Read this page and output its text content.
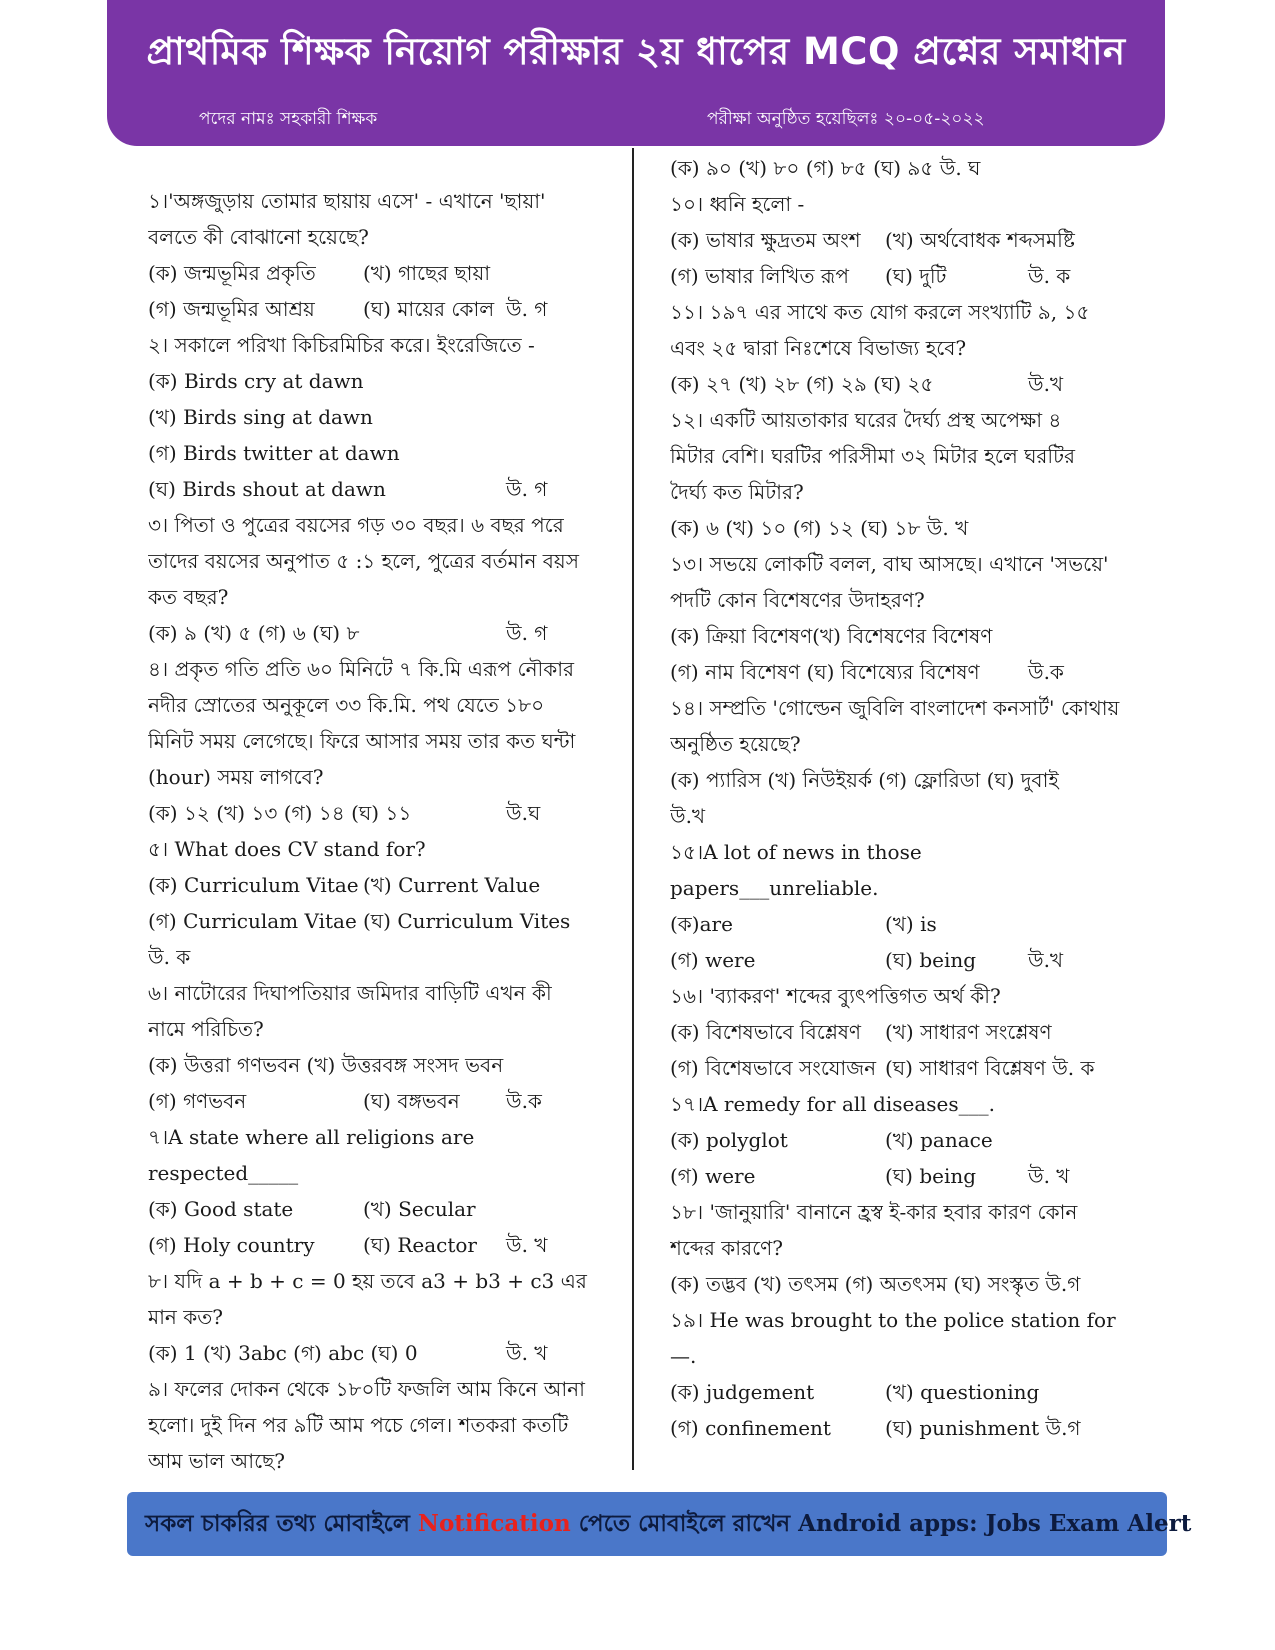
প্রাথমিক শিক্ষক নিয়োগ পরীক্ষার ২য় ধাপের MCQ প্রশ্নের সমাধান
পদের নামঃ সহকারী শিক্ষক	পরীক্ষা অনুষ্ঠিত হয়েছিলঃ ২০-০৫-২০২২
১।'অঙ্গজুড়ায় তোমার ছায়ায় এসে' - এখানে 'ছায়া'
বলতে কী বোঝানো হয়েছে?
(ক) জন্মভূমির প্রকৃতি (খ) গাছের ছায়া
(গ) জন্মভূমির আশ্রয় (ঘ) মায়ের কোল উ. গ
২। সকালে পরিখা কিচিরমিচির করে। ইংরেজিতে -
(ক) Birds cry at dawn
(খ) Birds sing at dawn
(গ) Birds twitter at dawn
(ঘ) Birds shout at dawn	উ. গ
৩। পিতা ও পুত্রের বয়সের গড় ৩০ বছর। ৬ বছর পরে
তাদের বয়সের অনুপাত ৫ :১ হলে, পুত্রের বর্তমান বয়স
কত বছর?
(ক) ৯ (খ) ৫ (গ) ৬ (ঘ) ৮	উ. গ
৪। প্রকৃত গতি প্রতি ৬০ মিনিটে ৭ কি.মি এরূপ নৌকার
নদীর স্রোতের অনুকূলে ৩৩ কি.মি. পথ যেতে ১৮০
মিনিট সময় লেগেছে। ফিরে আসার সময় তার কত ঘন্টা
(hour) সময় লাগবে?
(ক) ১২ (খ) ১৩ (গ) ১৪ (ঘ) ১১	উ.ঘ
৫। What does CV stand for?
(ক) Curriculum Vitae (খ) Current Value
(গ) Curriculam Vitae (ঘ) Curriculum Vites
উ. ক
৬। নাটোরের দিঘাপতিয়ার জমিদার বাড়িটি এখন কী
নামে পরিচিত?
(ক) উত্তরা গণভবন (খ) উত্তরবঙ্গ সংসদ ভবন
(গ) গণভবন	(ঘ) বঙ্গভবন উ.ক
৭।A state where all religions are
respected_____
(ক) Good state	(খ) Secular
(গ) Holy country (ঘ) Reactor উ. খ
৮। যদি a + b + c = 0 হয় তবে a3 + b3 + c3 এর
মান কত?
(ক) 1 (খ) 3abc (গ) abc (ঘ) 0	উ. খ
৯। ফলের দোকন থেকে ১৮০টি ফজলি আম কিনে আনা
হলো। দুই দিন পর ৯টি আম পচে গেল। শতকরা কতটি
আম ভাল আছে?
(ক) ৯০ (খ) ৮০ (গ) ৮৫ (ঘ) ৯৫ উ. ঘ
১০। ধ্বনি হলো -
(ক) ভাষার ক্ষুদ্রতম অংশ (খ) অর্থবোধক শব্দসমষ্টি
(গ) ভাষার লিখিত রূপ (ঘ) দুটি	উ. ক
১১। ১৯৭ এর সাথে কত যোগ করলে সংখ্যাটি ৯, ১৫
এবং ২৫ দ্বারা নিঃশেষে বিভাজ্য হবে?
(ক) ২৭ (খ) ২৮ (গ) ২৯ (ঘ) ২৫	উ.খ
১২। একটি আয়তাকার ঘরের দৈর্ঘ্য প্রস্থ অপেক্ষা ৪
মিটার বেশি। ঘরটির পরিসীমা ৩২ মিটার হলে ঘরটির
দৈর্ঘ্য কত মিটার?
(ক) ৬ (খ) ১০ (গ) ১২ (ঘ) ১৮ উ. খ
১৩। সভয়ে লোকটি বলল, বাঘ আসছে। এখানে 'সভয়ে'
পদটি কোন বিশেষণের উদাহরণ?
(ক) ক্রিয়া বিশেষণ(খ) বিশেষণের বিশেষণ
(গ) নাম বিশেষণ (ঘ) বিশেষ্যের বিশেষণ উ.ক
১৪। সম্প্রতি 'গোল্ডেন জুবিলি বাংলাদেশ কনসার্ট' কোথায়
অনুষ্ঠিত হয়েছে?
(ক) প্যারিস (খ) নিউইয়র্ক (গ) ফ্লোরিডা (ঘ) দুবাই
উ.খ
১৫।A lot of news in those
papers___unreliable.
(ক)are	(খ) is
(গ) were	(ঘ) being	উ.খ
১৬। 'ব্যাকরণ' শব্দের ব্যুৎপত্তিগত অর্থ কী?
(ক) বিশেষভাবে বিশ্লেষণ (খ) সাধারণ সংশ্লেষণ
(গ) বিশেষভাবে সংযোজন (ঘ) সাধারণ বিশ্লেষণ উ. ক
১৭।A remedy for all diseases___.
(ক) polyglot	(খ) panace
(গ) were	(ঘ) being	উ. খ
১৮। 'জানুয়ারি' বানানে হ্রস্ব ই-কার হবার কারণ কোন
শব্দের কারণে?
(ক) তদ্ভব (খ) তৎসম (গ) অতৎসম (ঘ) সংস্কৃত উ.গ
১৯। He was brought to the police station for
—.
(ক) judgement	(খ) questioning
(গ) confinement	(ঘ) punishment উ.গ
সকল চাকরির তথ্য মোবাইলে Notification পেতে মোবাইলে রাখেন Android apps: Jobs Exam Alert
